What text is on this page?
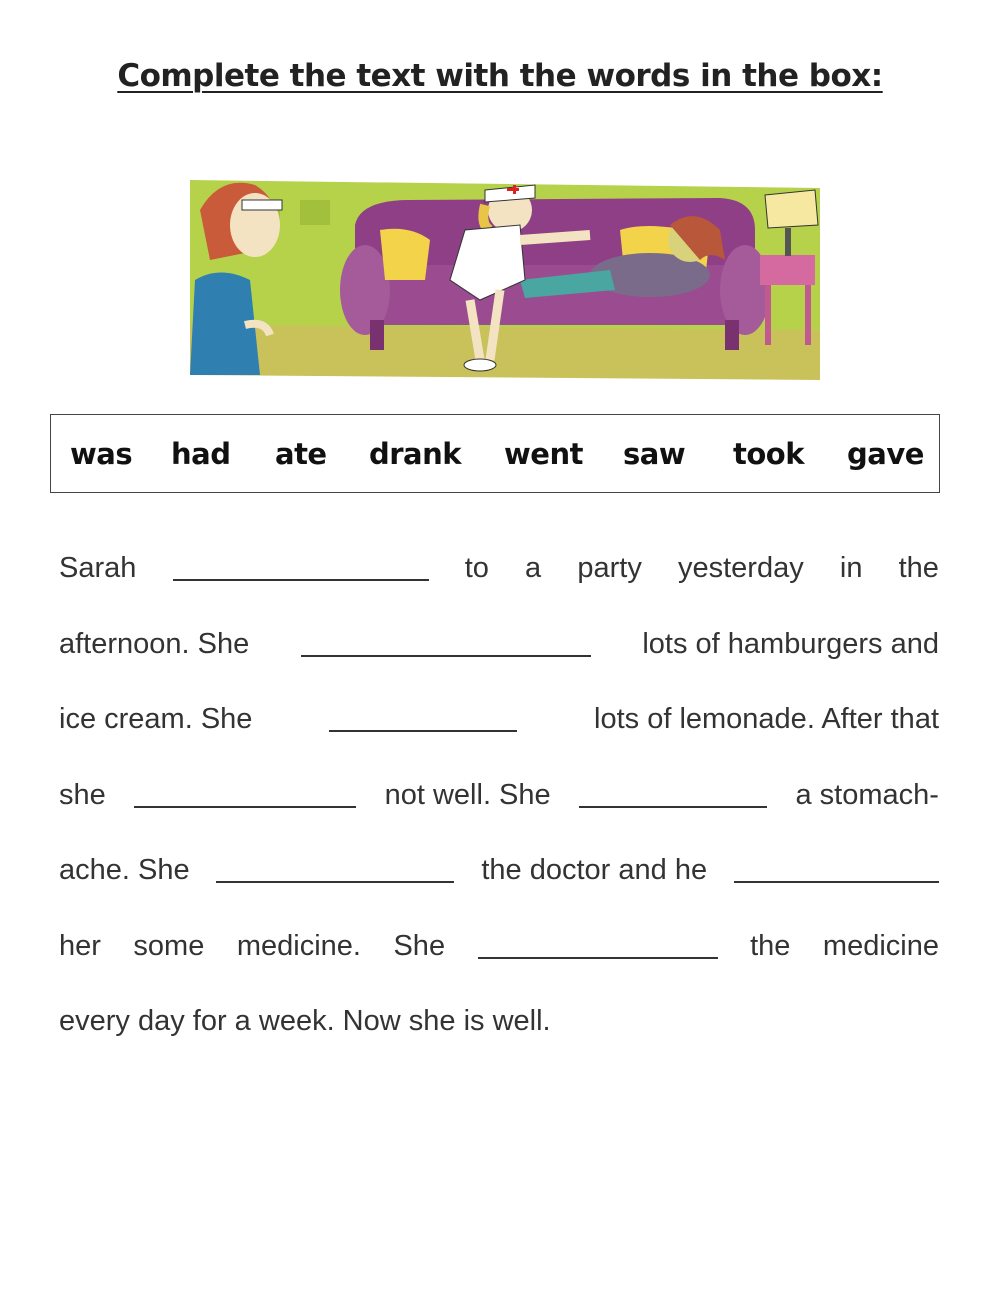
Complete the text with the words in the box:
was had ate drank went saw took gave
Sarah	to a party yesterday in the
afternoon. She	lots of hamburgers and
ice cream. She	lots of lemonade. After that
she	not well. She	a stomach-
ache. She	the doctor and he
her some medicine. She	the medicine
every day for a week. Now she is well.
